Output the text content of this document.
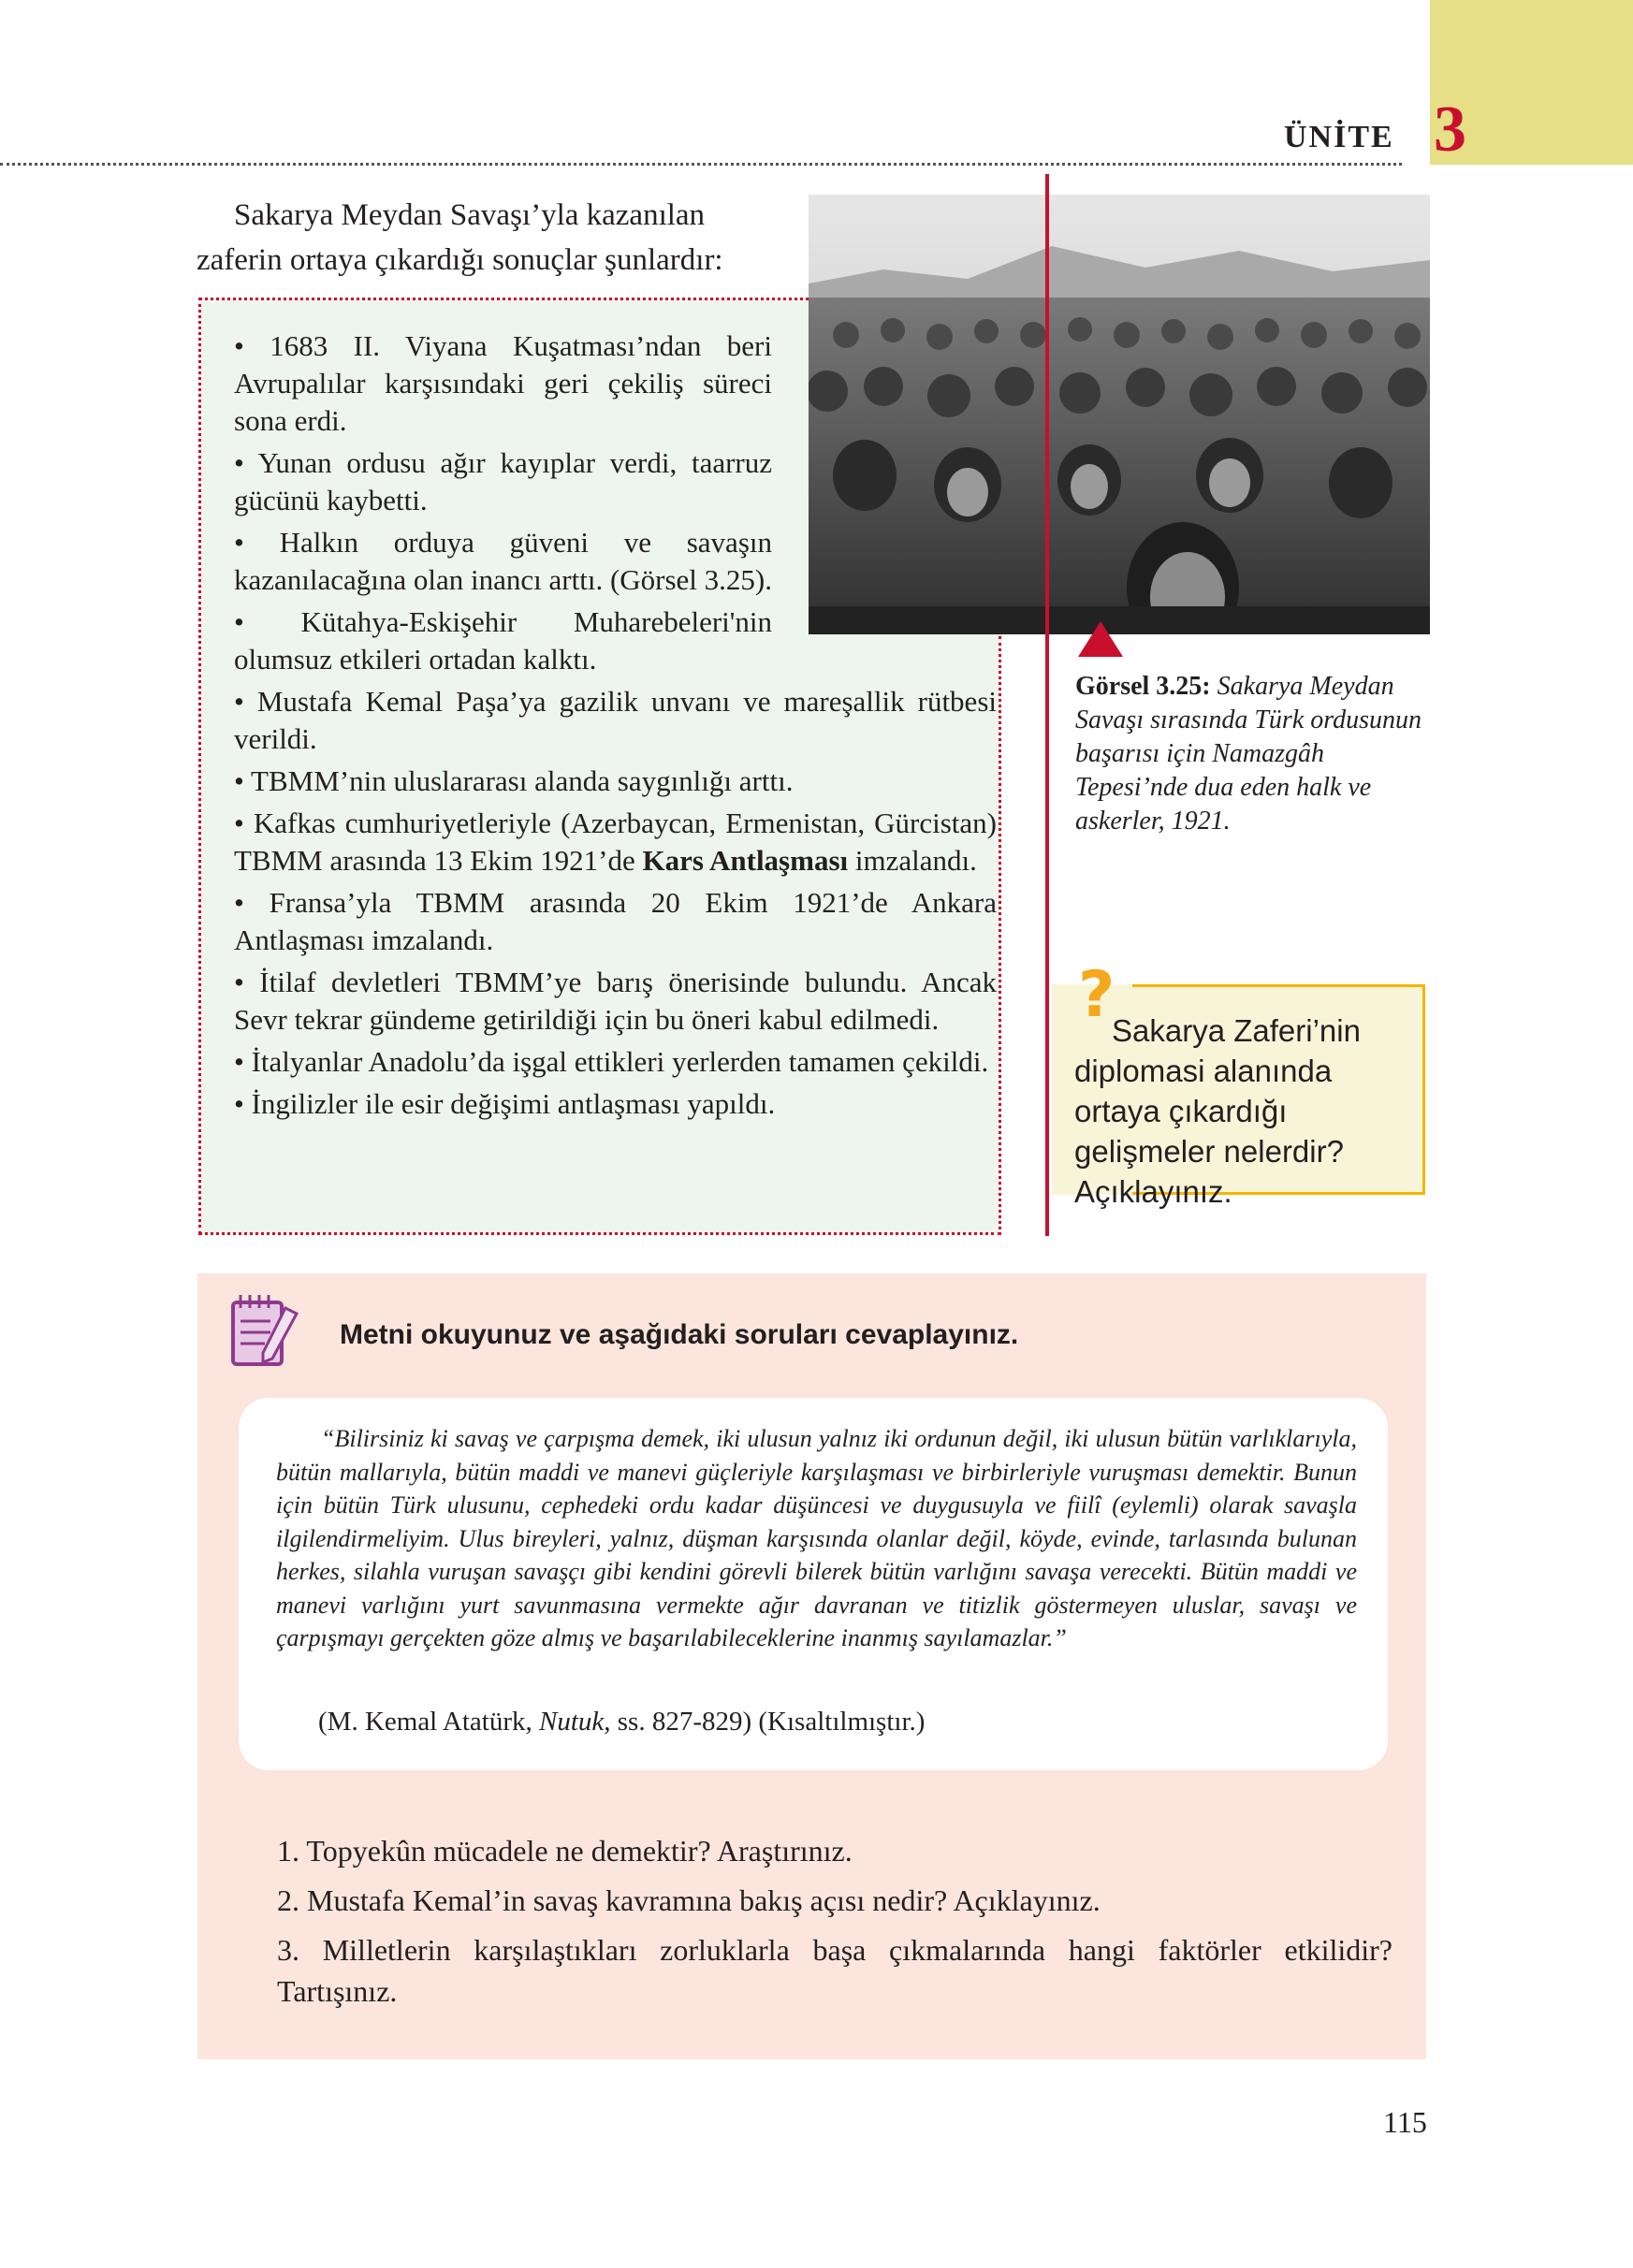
ÜNİTE 3
Sakarya Meydan Savaşı’yla kazanılan
zaferin ortaya çıkardığı sonuçlar şunlardır:

• 1683 II. Viyana Kuşatması’ndan beri Avrupalılar karşısındaki geri çekiliş süreci sona erdi.

• Yunan ordusu ağır kayıplar verdi, taarruz gücünü kaybetti.

• Halkın orduya güveni ve savaşın kazanılacağına olan inancı arttı. (Görsel 3.25).

• Kütahya-Eskişehir Muharebeleri'nin olumsuz etkileri ortadan kalktı.

• Mustafa Kemal Paşa’ya gazilik unvanı ve mareşallik rütbesi verildi.

• TBMM’nin uluslararası alanda saygınlığı arttı.

• Kafkas cumhuriyetleriyle (Azerbaycan, Ermenistan, Gürcistan) TBMM arasında 13 Ekim 1921’de Kars Antlaşması imzalandı.

• Fransa’yla TBMM arasında 20 Ekim 1921’de Ankara Antlaşması imzalandı.

• İtilaf devletleri TBMM’ye barış önerisinde bulundu. Ancak Sevr tekrar gündeme getirildiği için bu öneri kabul edilmedi.

• İtalyanlar Anadolu’da işgal ettikleri yerlerden tamamen çekildi.

• İngilizler ile esir değişimi antlaşması yapıldı.

Görsel 3.25: Sakarya Meydan Savaşı sırasında Türk ordusunun başarısı için Namazgâh Tepesi’nde dua eden halk ve askerler, 1921.
?
Sakarya Zaferi’nin diplomasi alanında ortaya çıkardığı gelişmeler nelerdir? Açıklayınız.
Metni okuyunuz ve aşağıdaki soruları cevaplayınız.
“Bilirsiniz ki savaş ve çarpışma demek, iki ulusun yalnız iki ordunun değil, iki ulusun bütün varlıklarıyla, bütün mallarıyla, bütün maddi ve manevi güçleriyle karşılaşması ve birbirleriyle vuruşması demektir. Bunun için bütün Türk ulusunu, cephedeki ordu kadar düşüncesi ve duygusuyla ve fiilî (eylemli) olarak savaşla ilgilendirmeliyim. Ulus bireyleri, yalnız, düşman karşısında olanlar değil, köyde, evinde, tarlasında bulunan herkes, silahla vuruşan savaşçı gibi kendini görevli bilerek bütün varlığını savaşa verecekti. Bütün maddi ve manevi varlığını yurt savunmasına vermekte ağır davranan ve titizlik göstermeyen uluslar, savaşı ve çarpışmayı gerçekten göze almış ve başarılabileceklerine inanmış sayılamazlar.”
(M. Kemal Atatürk, Nutuk, ss. 827-829) (Kısaltılmıştır.)

1. Topyekûn mücadele ne demektir? Araştırınız.

2. Mustafa Kemal’in savaş kavramına bakış açısı nedir? Açıklayınız.

3. Milletlerin karşılaştıkları zorluklarla başa çıkmalarında hangi faktörler etkilidir? Tartışınız.

115
